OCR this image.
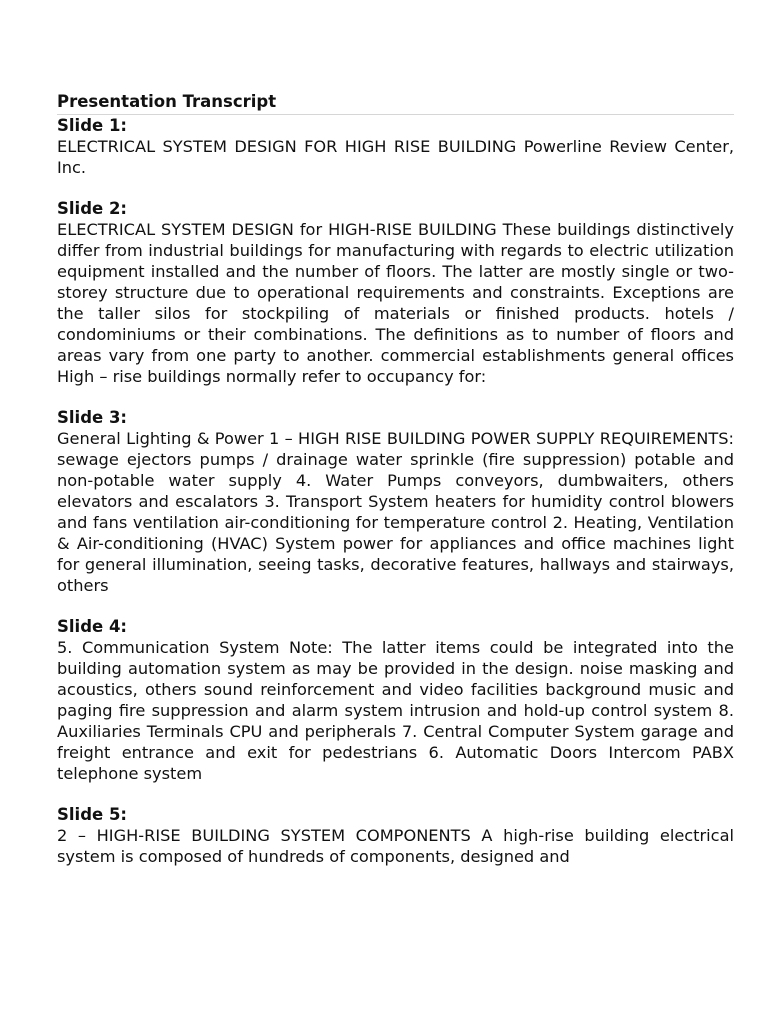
Presentation Transcript
Slide 1:
ELECTRICAL SYSTEM DESIGN FOR HIGH RISE BUILDING Powerline Review Center, Inc.
Slide 2:
ELECTRICAL SYSTEM DESIGN for HIGH-RISE BUILDING These buildings distinctively differ from industrial buildings for manufacturing with regards to electric utilization equipment installed and the number of floors. The latter are mostly single or two-storey structure due to operational requirements and constraints. Exceptions are the taller silos for stockpiling of materials or finished products. hotels / condominiums or their combinations. The definitions as to number of floors and areas vary from one party to another. commercial establishments general offices High – rise buildings normally refer to occupancy for:
Slide 3:
General Lighting & Power 1 – HIGH RISE BUILDING POWER SUPPLY REQUIREMENTS: sewage ejectors pumps / drainage water sprinkle (fire suppression) potable and non-potable water supply 4. Water Pumps conveyors, dumbwaiters, others elevators and escalators 3. Transport System heaters for humidity control blowers and fans ventilation air-conditioning for temperature control 2. Heating, Ventilation & Air-conditioning (HVAC) System power for appliances and office machines light for general illumination, seeing tasks, decorative features, hallways and stairways, others
Slide 4:
5. Communication System Note: The latter items could be integrated into the building automation system as may be provided in the design. noise masking and acoustics, others sound reinforcement and video facilities background music and paging fire suppression and alarm system intrusion and hold-up control system 8. Auxiliaries Terminals CPU and peripherals 7. Central Computer System garage and freight entrance and exit for pedestrians 6. Automatic Doors Intercom PABX telephone system
Slide 5:
2 – HIGH-RISE BUILDING SYSTEM COMPONENTS A high-rise building electrical system is composed of hundreds of components, designed and
